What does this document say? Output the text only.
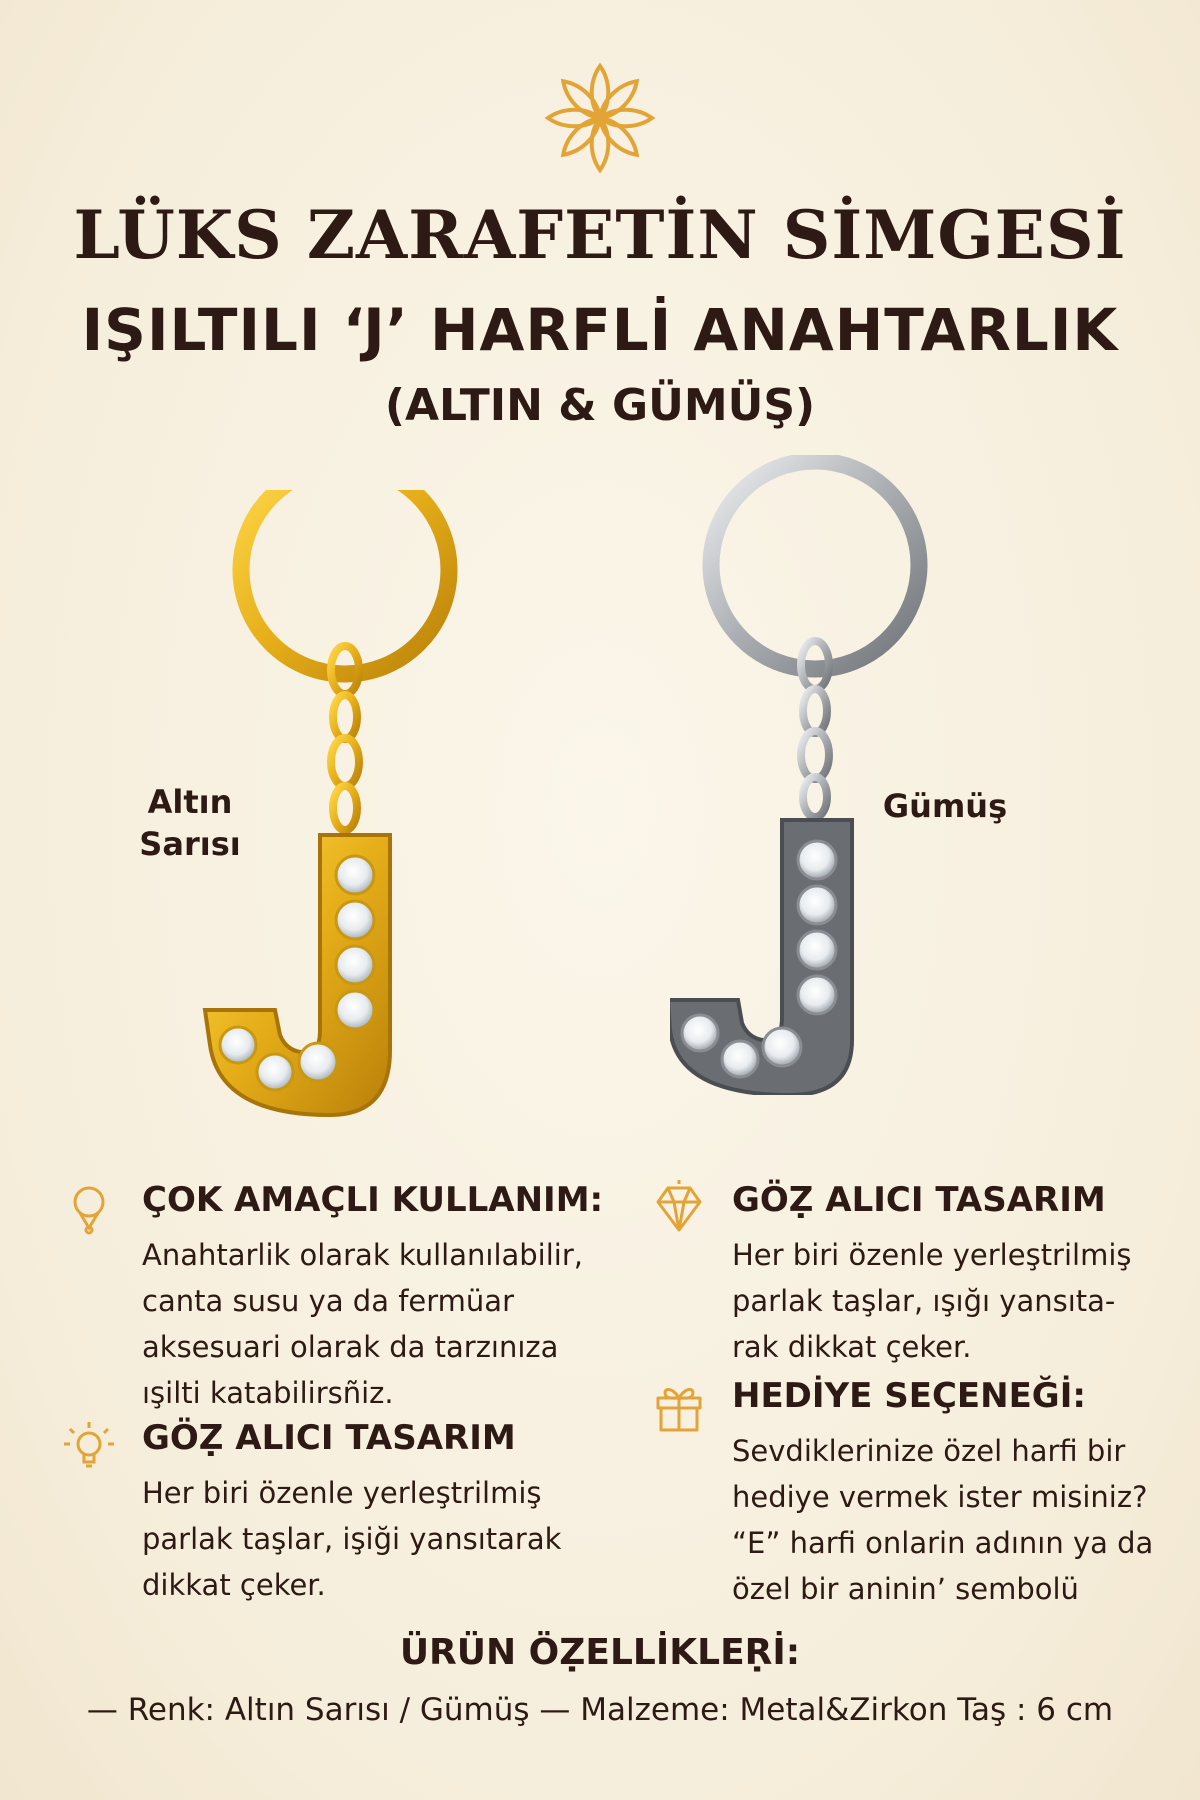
LÜKS ZARAFETİN SİMGESİ
IŞILTILI ‘J’ HARFLİ ANAHTARLIK
(ALTIN & GÜMÜŞ)
Altın Sarısı
Gümüş
ÇOK AMAÇLI KULLANIM:

Anahtarlik olarak kullanılabilir, canta susu ya da fermüar aksesuari olarak da tarzınıza ışilti katabilirsñiz.

GÖẒ ALICI TASARIM

Her biri özenle yerleştrilmiş parlak taşlar, işiği yansıtarak dikkat çeker.

GÖẒ ALICI TASARIM

Her biri özenle yerleştrilmiş parlak taşlar, ışığı yansıta-rak dikkat çeker.

HEDİYE SEÇENEĞİ:

Sevdiklerinize özel harfi bir hediye vermek ister misiniz? “E” harfi onlarin adının ya da özel bir aninin’ sembolü

ÜRÜN ÖẒELLİKLEṚİ:

— Renk: Altın Sarısı / Gümüş — Malzeme: Metal&Zirkon Taş : 6 cm
